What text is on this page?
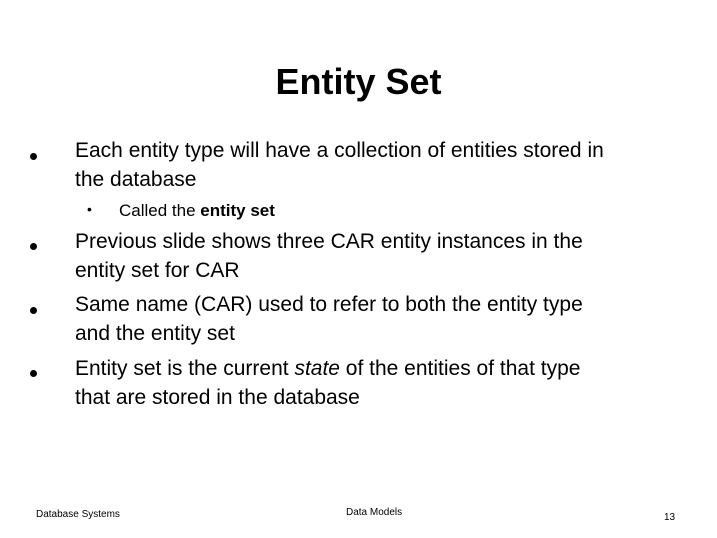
Entity Set
Each entity type will have a collection of entities stored in
the database
• Called the entity set
Previous slide shows three CAR entity instances in the
entity set for CAR
Same name (CAR) used to refer to both the entity type
and the entity set
Entity set is the current state of the entities of that type
that are stored in the database
Database Systems	Data Models	13
